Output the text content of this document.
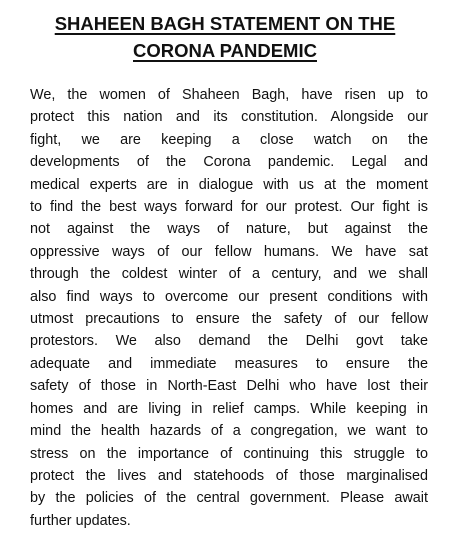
SHAHEEN BAGH STATEMENT ON THE
CORONA PANDEMIC
We, the women of Shaheen Bagh, have risen up to
protect this nation and its constitution. Alongside our
fight, we are keeping a close watch on the
developments of the Corona pandemic. Legal and
medical experts are in dialogue with us at the moment
to find the best ways forward for our protest. Our fight is
not against the ways of nature, but against the
oppressive ways of our fellow humans. We have sat
through the coldest winter of a century, and we shall
also find ways to overcome our present conditions with
utmost precautions to ensure the safety of our fellow
protestors. We also demand the Delhi govt take
adequate and immediate measures to ensure the
safety of those in North-East Delhi who have lost their
homes and are living in relief camps. While keeping in
mind the health hazards of a congregation, we want to
stress on the importance of continuing this struggle to
protect the lives and statehoods of those marginalised
by the policies of the central government. Please await
further updates.
